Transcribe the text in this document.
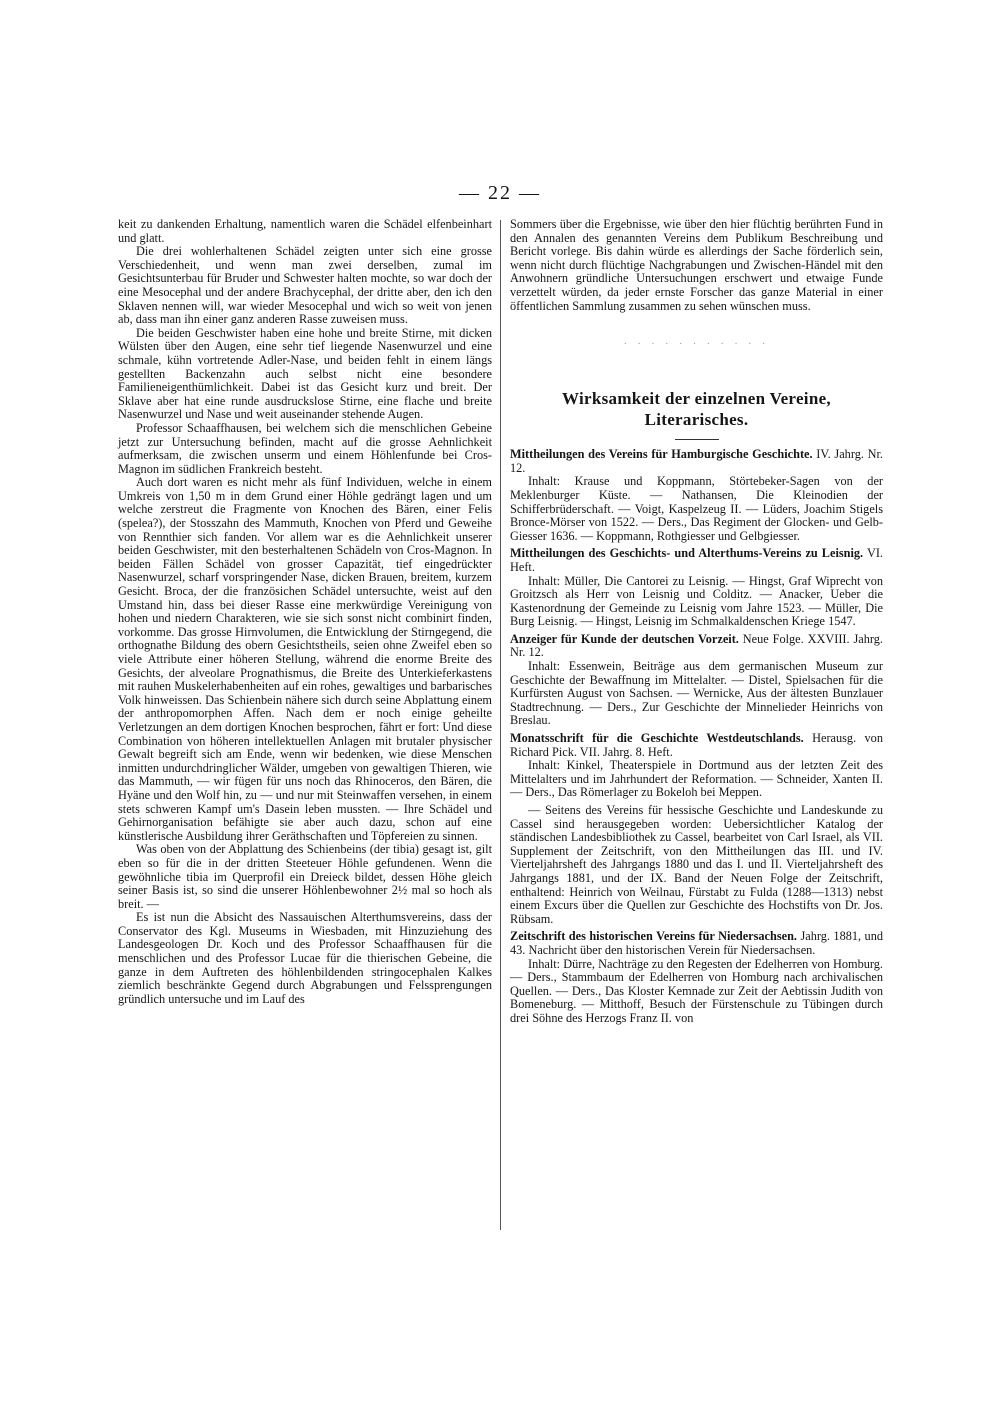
— 22 —

keit zu dankenden Erhaltung, namentlich waren die Schädel elfenbeinhart und glatt.

Die drei wohlerhaltenen Schädel zeigten unter sich eine grosse Verschiedenheit, und wenn man zwei derselben, zumal im Gesichtsunterbau für Bruder und Schwester halten mochte, so war doch der eine Mesocephal und der andere Brachycephal, der dritte aber, den ich den Sklaven nennen will, war wieder Mesocephal und wich so weit von jenen ab, dass man ihn einer ganz anderen Rasse zuweisen muss.

Die beiden Geschwister haben eine hohe und breite Stirne, mit dicken Wülsten über den Augen, eine sehr tief liegende Nasenwurzel und eine schmale, kühn vortretende Adler-Nase, und beiden fehlt in einem längs gestellten Backenzahn auch selbst nicht eine besondere Familieneigenthümlichkeit. Dabei ist das Gesicht kurz und breit. Der Sklave aber hat eine runde ausdruckslose Stirne, eine flache und breite Nasenwurzel und Nase und weit auseinander stehende Augen.

Professor Schaaffhausen, bei welchem sich die menschlichen Gebeine jetzt zur Untersuchung befinden, macht auf die grosse Aehnlichkeit aufmerksam, die zwischen unserm und einem Höhlenfunde bei Cros-Magnon im südlichen Frankreich besteht.

Auch dort waren es nicht mehr als fünf Individuen, welche in einem Umkreis von 1,50 m in dem Grund einer Höhle gedrängt lagen und um welche zerstreut die Fragmente von Knochen des Bären, einer Felis (spelea?), der Stosszahn des Mammuth, Knochen von Pferd und Geweihe von Rennthier sich fanden. Vor allem war es die Aehnlichkeit unserer beiden Geschwister, mit den besterhaltenen Schädeln von Cros-Magnon. In beiden Fällen Schädel von grosser Capazität, tief eingedrückter Nasenwurzel, scharf vorspringender Nase, dicken Brauen, breitem, kurzem Gesicht. Broca, der die französichen Schädel untersuchte, weist auf den Umstand hin, dass bei dieser Rasse eine merkwürdige Vereinigung von hohen und niedern Charakteren, wie sie sich sonst nicht combinirt finden, vorkomme. Das grosse Hirnvolumen, die Entwicklung der Stirngegend, die orthognathe Bildung des obern Gesichtstheils, seien ohne Zweifel eben so viele Attribute einer höheren Stellung, während die enorme Breite des Gesichts, der alveolare Prognathismus, die Breite des Unterkieferkastens mit rauhen Muskelerhabenheiten auf ein rohes, gewaltiges und barbarisches Volk hinweissen. Das Schienbein nähere sich durch seine Abplattung einem der anthropomorphen Affen. Nach dem er noch einige geheilte Verletzungen an dem dortigen Knochen besprochen, fährt er fort: Und diese Combination von höheren intellektuellen Anlagen mit brutaler physischer Gewalt begreift sich am Ende, wenn wir bedenken, wie diese Menschen inmitten undurchdringlicher Wälder, umgeben von gewaltigen Thieren, wie das Mammuth, — wir fügen für uns noch das Rhinoceros, den Bären, die Hyäne und den Wolf hin, zu — und nur mit Steinwaffen versehen, in einem stets schweren Kampf um's Dasein leben mussten. — Ihre Schädel und Gehirnorganisation befähigte sie aber auch dazu, schon auf eine künstlerische Ausbildung ihrer Geräthschaften und Töpfereien zu sinnen.

Was oben von der Abplattung des Schienbeins (der tibia) gesagt ist, gilt eben so für die in der dritten Steeteuer Höhle gefundenen. Wenn die gewöhnliche tibia im Querprofil ein Dreieck bildet, dessen Höhe gleich seiner Basis ist, so sind die unserer Höhlenbewohner 2½ mal so hoch als breit. —

Es ist nun die Absicht des Nassauischen Alterthumsvereins, dass der Conservator des Kgl. Museums in Wiesbaden, mit Hinzuziehung des Landesgeologen Dr. Koch und des Professor Schaaffhausen für die menschlichen und des Professor Lucae für die thierischen Gebeine, die ganze in dem Auftreten des höhlenbildenden stringocephalen Kalkes ziemlich beschränkte Gegend durch Abgrabungen und Felssprengungen gründlich untersuche und im Lauf des

Sommers über die Ergebnisse, wie über den hier flüchtig berührten Fund in den Annalen des genannten Vereins dem Publikum Beschreibung und Bericht vorlege. Bis dahin würde es allerdings der Sache förderlich sein, wenn nicht durch flüchtige Nachgrabungen und Zwischen-Händel mit den Anwohnern gründliche Untersuchungen erschwert und etwaige Funde verzettelt würden, da jeder ernste Forscher das ganze Material in einer öffentlichen Sammlung zusammen zu sehen wünschen muss.

· · · · · · · · · · ·

Wirksamkeit der einzelnen Vereine,
Literarisches.

Mittheilungen des Vereins für Hamburgische Geschichte. IV. Jahrg. Nr. 12.

Inhalt: Krause und Koppmann, Störtebeker-Sagen von der Meklenburger Küste. — Nathansen, Die Kleinodien der Schifferbrüderschaft. — Voigt, Kaspelzeug II. — Lüders, Joachim Stigels Bronce-Mörser von 1522. — Ders., Das Regiment der Glocken- und Gelb-Giesser 1636. — Koppmann, Rothgiesser und Gelbgiesser.

Mittheilungen des Geschichts- und Alterthums-Vereins zu Leisnig. VI. Heft.

Inhalt: Müller, Die Cantorei zu Leisnig. — Hingst, Graf Wiprecht von Groitzsch als Herr von Leisnig und Colditz. — Anacker, Ueber die Kastenordnung der Gemeinde zu Leisnig vom Jahre 1523. — Müller, Die Burg Leisnig. — Hingst, Leisnig im Schmalkaldenschen Kriege 1547.

Anzeiger für Kunde der deutschen Vorzeit. Neue Folge. XXVIII. Jahrg. Nr. 12.

Inhalt: Essenwein, Beiträge aus dem germanischen Museum zur Geschichte der Bewaffnung im Mittelalter. — Distel, Spielsachen für die Kurfürsten August von Sachsen. — Wernicke, Aus der ältesten Bunzlauer Stadtrechnung. — Ders., Zur Geschichte der Minnelieder Heinrichs von Breslau.

Monatsschrift für die Geschichte Westdeutschlands. Herausg. von Richard Pick. VII. Jahrg. 8. Heft.

Inhalt: Kinkel, Theaterspiele in Dortmund aus der letzten Zeit des Mittelalters und im Jahrhundert der Reformation. — Schneider, Xanten II. — Ders., Das Römerlager zu Bokeloh bei Meppen.

— Seitens des Vereins für hessische Geschichte und Landeskunde zu Cassel sind herausgegeben worden: Uebersichtlicher Katalog der ständischen Landesbibliothek zu Cassel, bearbeitet von Carl Israel, als VII. Supplement der Zeitschrift, von den Mittheilungen das III. und IV. Vierteljahrsheft des Jahrgangs 1880 und das I. und II. Vierteljahrsheft des Jahrgangs 1881, und der IX. Band der Neuen Folge der Zeitschrift, enthaltend: Heinrich von Weilnau, Fürstabt zu Fulda (1288—1313) nebst einem Excurs über die Quellen zur Geschichte des Hochstifts von Dr. Jos. Rübsam.

Zeitschrift des historischen Vereins für Niedersachsen. Jahrg. 1881, und 43. Nachricht über den historischen Verein für Niedersachsen.

Inhalt: Dürre, Nachträge zu den Regesten der Edelherren von Homburg. — Ders., Stammbaum der Edelherren von Homburg nach archivalischen Quellen. — Ders., Das Kloster Kemnade zur Zeit der Aebtissin Judith von Bomeneburg. — Mitthoff, Besuch der Fürstenschule zu Tübingen durch drei Söhne des Herzogs Franz II. von
